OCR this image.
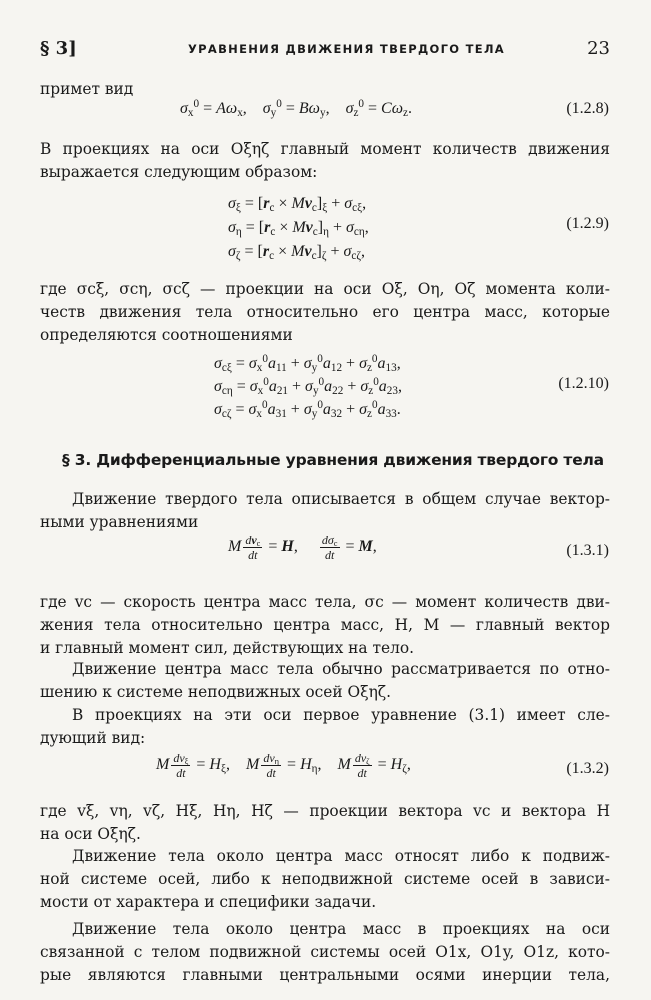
§ 3]	УРАВНЕНИЯ ДВИЖЕНИЯ ТВЕРДОГО ТЕЛА	23
примет вид
$\sigma_x^0 = A\omega_x$,    $\sigma_y^0 = B\omega_y$,    $\sigma_z^0 = C\omega_z$.	(1.2.8)
В проекциях на оси Oξηζ главный момент количеств движения
выражается следующим образом:
$\sigma_\xi = [r_c \times Mv_c]_\xi + \sigma_{c\xi}$,
$\sigma_\eta = [r_c \times Mv_c]_\eta + \sigma_{c\eta}$,
$\sigma_\zeta = [r_c \times Mv_c]_\zeta + \sigma_{c\zeta}$,
(1.2.9)
где σcξ, σcη, σcζ — проекции на оси Oξ, Oη, Oζ момента коли-
честв движения тела относительно его центра масс, которые
определяются соотношениями
$\sigma_{c\xi} = \sigma_x^0a_{11} + \sigma_y^0a_{12} + \sigma_z^0a_{13}$,
$\sigma_{c\eta} = \sigma_x^0a_{21} + \sigma_y^0a_{22} + \sigma_z^0a_{23}$,
$\sigma_{c\zeta} = \sigma_x^0a_{31} + \sigma_y^0a_{32} + \sigma_z^0a_{33}$.
(1.2.10)
§ 3. Дифференциальные уравнения движения твердого тела
Движение твердого тела описывается в общем случае вектор-
ными уравнениями
M $\frac{dv_c}{dt} = H$, $\frac{d\sigma_c}{dt} = M$,	(1.3.1)
где vc — скорость центра масс тела, σc — момент количеств дви-
жения тела относительно центра масс, H, M — главный вектор
и главный момент сил, действующих на тело.
Движение центра масс тела обычно рассматривается по отно-
шению к системе неподвижных осей Oξηζ.
В проекциях на эти оси первое уравнение (3.1) имеет сле-
дующий вид:
M $\frac{dv_\xi}{dt} = H_\xi$,    M $\frac{dv_\eta}{dt} = H_\eta$,    M $\frac{dv_\zeta}{dt} = H_\zeta$,	(1.3.2)
где vξ, vη, vζ, Hξ, Hη, Hζ — проекции вектора vc и вектора H
на оси Oξηζ.
Движение тела около центра масс относят либо к подвиж-
ной системе осей, либо к неподвижной системе осей в зависи-
мости от характера и специфики задачи.
Движение тела около центра масс в проекциях на оси
связанной с телом подвижной системы осей O1x, O1y, O1z, кото-
рые являются главными центральными осями инерции тела,
